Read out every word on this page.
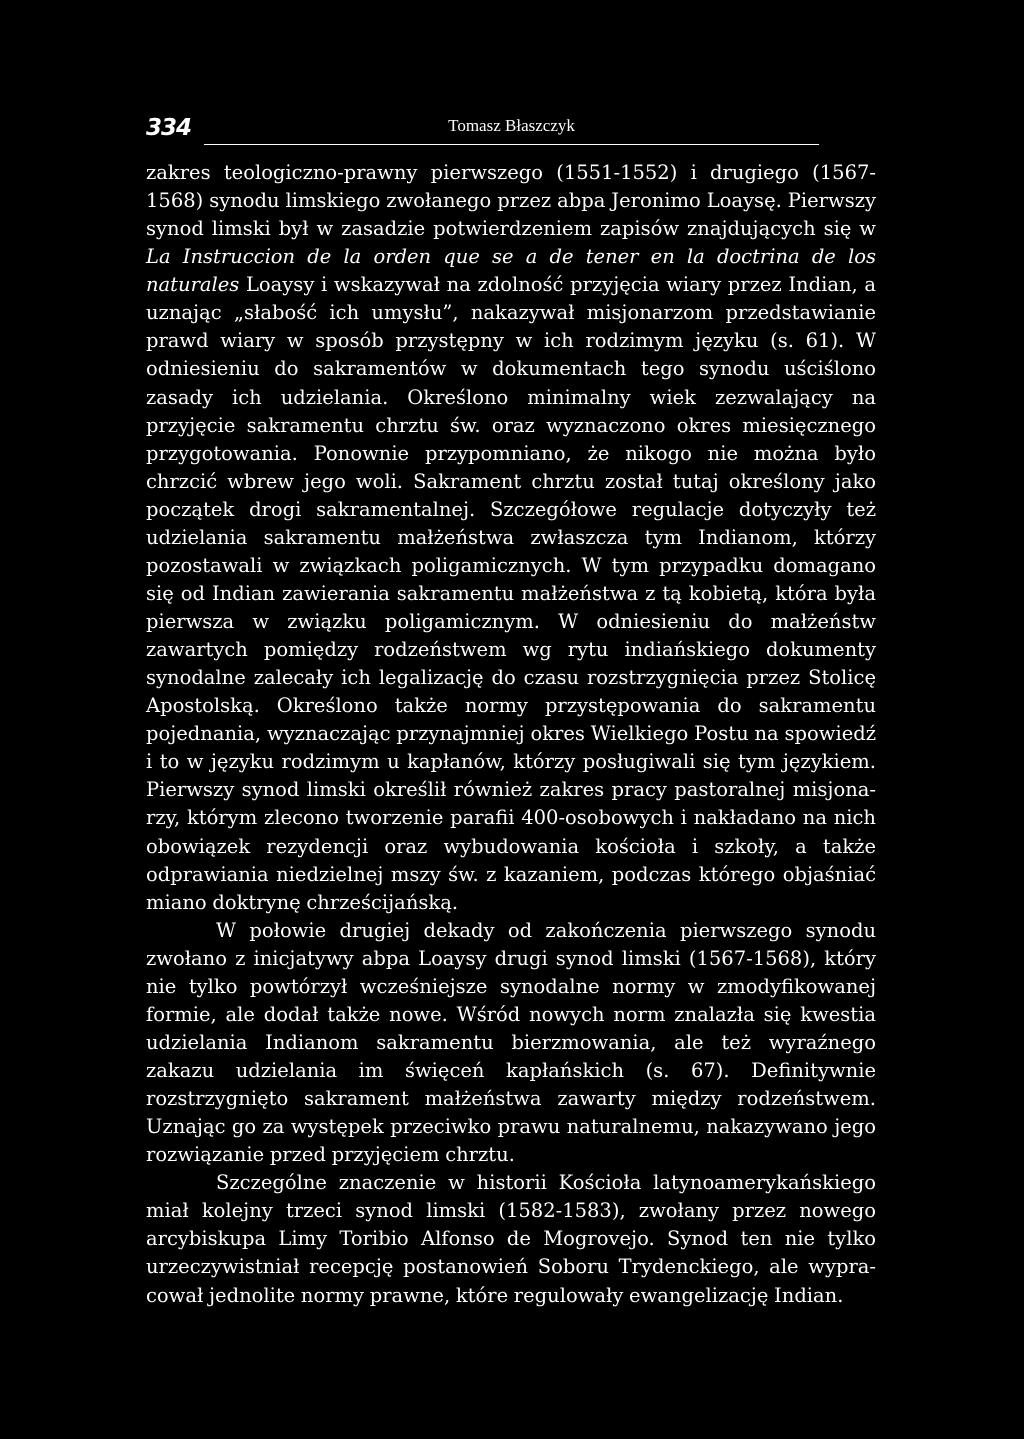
334	Tomasz Błaszczyk

zakres teologiczno-prawny pierwszego (1551-1552) i drugiego (1567-1568) synodu limskiego zwołanego przez abpa Jeronimo Loaysę. Pierwszy synod limski był w zasadzie potwierdzeniem zapisów znajdujących się w La Instruccion de la orden que se a de tener en la doctrina de los naturales Loaysy i wskazywał na zdolność przyjęcia wiary przez Indian, a uznając „słabość ich umysłu”, nakazywał misjonarzom przedstawianie prawd wiary w sposób przystępny w ich rodzimym języku (s. 61). W odniesieniu do sakramentów w dokumentach tego synodu uściślono zasady ich udzielania. Określono minimalny wiek zezwalający na przyjęcie sakramentu chrztu św. oraz wyznaczono okres miesięcznego przygotowania. Ponownie przypomniano, że nikogo nie można było chrzcić wbrew jego woli. Sakrament chrztu został tutaj określony jako początek drogi sakramentalnej. Szczegółowe regulacje dotyczyły też udzielania sakramentu małżeństwa zwłaszcza tym Indianom, którzy pozostawali w związkach poligamicznych. W tym przypadku domagano się od Indian zawierania sakramentu małżeństwa z tą kobietą, która była pierwsza w związku poligamicznym. W odniesieniu do małżeństw zawartych pomiędzy rodzeństwem wg rytu indiańskiego dokumenty synodalne zalecały ich legalizację do czasu rozstrzygnięcia przez Stolicę Apostolską. Określono także normy przystępowania do sakramentu pojednania, wyznaczając przynajmniej okres Wielkiego Postu na spowiedź i to w języku rodzimym u kapłanów, którzy posługiwali się tym językiem. Pierwszy synod limski określił również zakres pracy pastoralnej misjonarzy, którym zlecono tworzenie parafii 400-osobowych i nakładano na nich obowiązek rezydencji oraz wybudowania kościoła i szkoły, a także odprawiania niedzielnej mszy św. z kazaniem, podczas którego objaśniać miano doktrynę chrześcijańską.

W połowie drugiej dekady od zakończenia pierwszego synodu zwołano z inicjatywy abpa Loaysy drugi synod limski (1567-1568), który nie tylko powtórzył wcześniejsze synodalne normy w zmodyfikowanej formie, ale dodał także nowe. Wśród nowych norm znalazła się kwestia udzielania Indianom sakramentu bierzmowania, ale też wyraźnego zakazu udzielania im święceń kapłańskich (s. 67). Definitywnie rozstrzygnięto sakrament małżeństwa zawarty między rodzeństwem. Uznając go za występek przeciwko prawu naturalnemu, nakazywano jego rozwiązanie przed przyjęciem chrztu.

Szczególne znaczenie w historii Kościoła latynoamerykańskiego miał kolejny trzeci synod limski (1582-1583), zwołany przez nowego arcybiskupa Limy Toribio Alfonso de Mogrovejo. Synod ten nie tylko urzeczywistniał recepcję postanowień Soboru Trydenckiego, ale wypracował jednolite normy prawne, które regulowały ewangelizację Indian.
